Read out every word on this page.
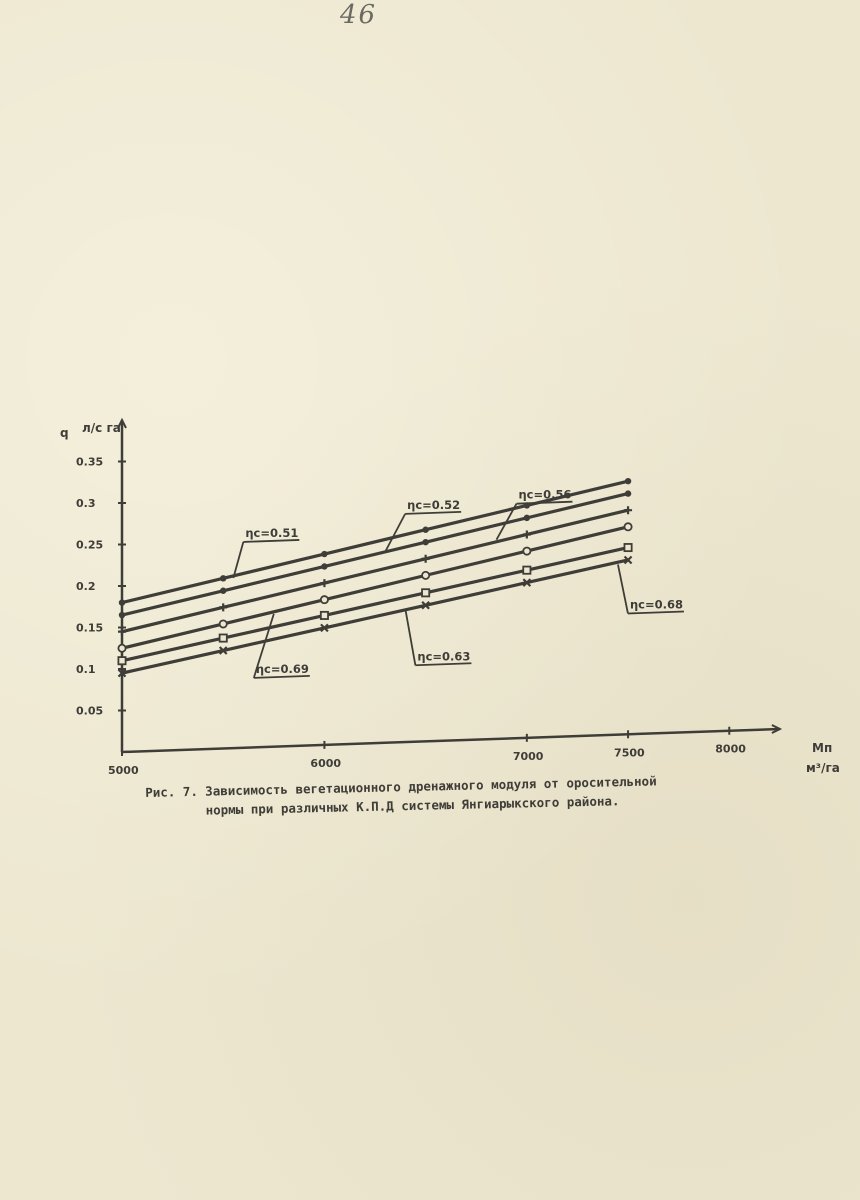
46
0.05
0.1
0.15
0.2
0.25
0.3
0.35
5000
6000
7000	7500	8000
ηс=0.51
ηс=0.52
ηс=0.56
ηс=0.68
ηс=0.63
ηс=0.69
q л/с га
Мп
м³/га
Рис. 7. Зависимость вегетационного дренажного модуля от оросительной
нормы при различных К.П.Д системы Янгиарыкского района.
